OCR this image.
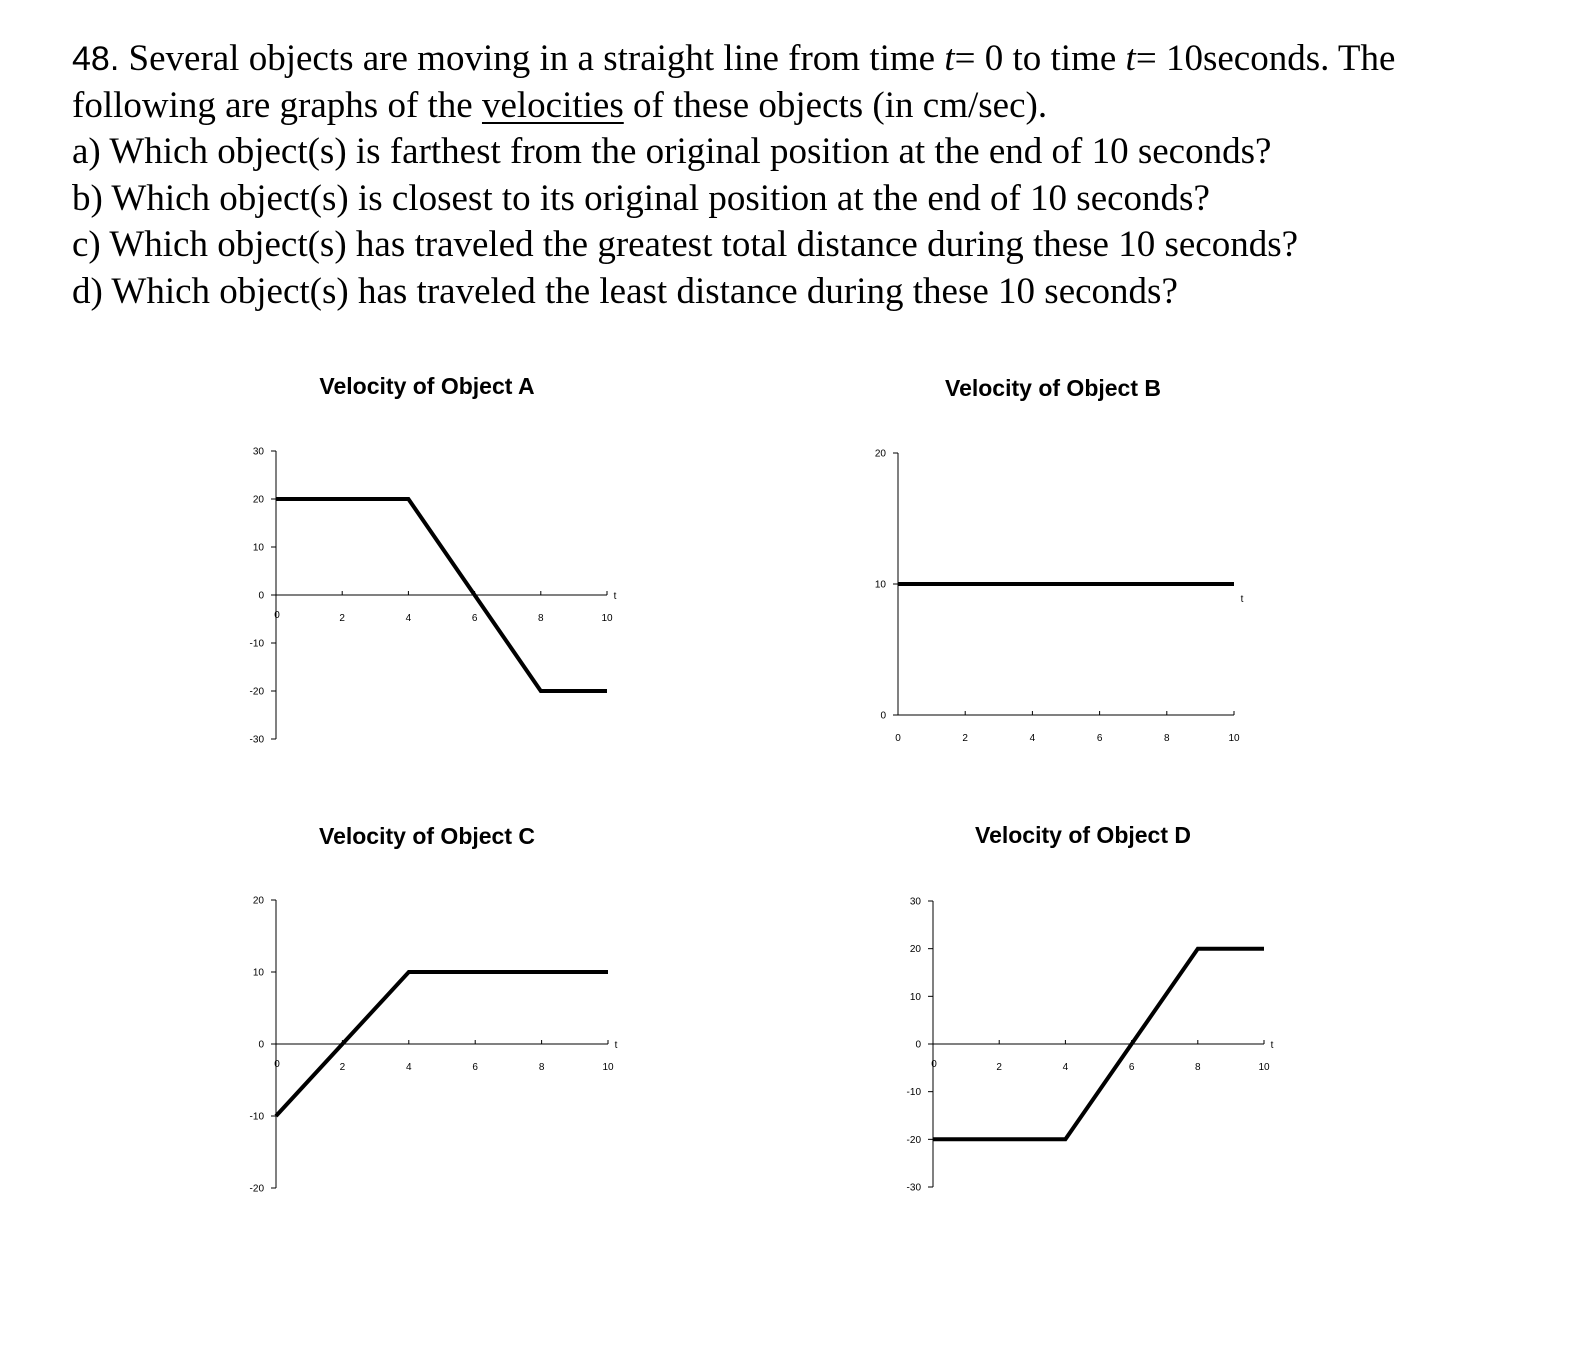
48. Several objects are moving in a straight line from time t= 0 to time t= 10seconds. The

following are graphs of the velocities of these objects (in cm/sec).

a) Which object(s) is farthest from the original position at the end of 10 seconds?

b) Which object(s) is closest to its original position at the end of 10 seconds?

c) Which object(s) has traveled the greatest total distance during these 10 seconds?

d) Which object(s) has traveled the least distance during these 10 seconds?

Velocity of Object A
-30
-20
-10
0
10
20
30
0	2	4	6	8	10
t
Velocity of Object B
0
10
20
0	2	4	6	8	10
t
Velocity of Object C
-20
-10
0
10
20
0	2	4	6	8	10
t
Velocity of Object D
-30
-20
-10
0
10
20
30
0	2	4	6	8	10
t
